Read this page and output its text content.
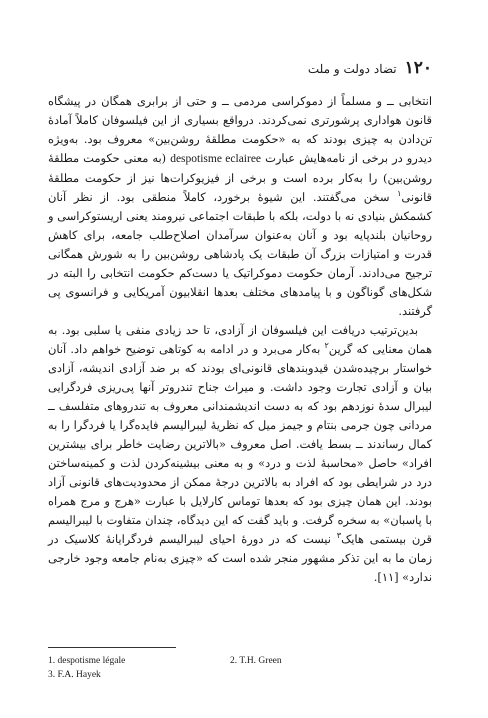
۱۲۰
تضاد دولت و ملت

انتخابی ــ و مسلماً از دموکراسی مردمی ــ و حتی از برابری همگان در پیشگاه قانون هواداری پرشورتری نمی‌کردند. درواقع بسیاری از این فیلسوفان کاملاً آمادهٔ تن‌دادن به چیزی بودند که به «حکومت مطلقهٔ روشن‌بین» معروف بود. به‌ویژه دیدرو در برخی از نامه‌هایش عبارت despotisme eclairee (به معنی حکومت مطلقهٔ روشن‌بین) را به‌کار برده است و برخی از فیزیوکرات‌ها نیز از حکومت مطلقهٔ قانونی$^۱$ سخن می‌گفتند. این شیوهٔ برخورد، کاملاً منطقی بود. از نظر آنان کشمکش بنیادی نه با دولت، بلکه با طبقات اجتماعی نیرومند یعنی اریستوکراسی و روحانیان بلندپایه بود و آنان به‌عنوان سرآمدان اصلاح‌طلب جامعه، برای کاهش قدرت و امتیازات بزرگ آن طبقات یک پادشاهی روشن‌بین را به شورش همگانی ترجیح می‌دادند. آرمان حکومت دموکراتیک یا دست‌کم حکومت انتخابی را البته در شکل‌های گوناگون و با پیامدهای مختلف بعدها انقلابیون آمریکایی و فرانسوی پی گرفتند.

بدین‌ترتیب دریافت این فیلسوفان از آزادی، تا حد زیادی منفی یا سلبی بود. به همان معنایی که گرین$^۲$ به‌کار می‌برد و در ادامه به کوتاهی توضیح خواهم داد. آنان خواستار برچیده‌شدن قیدوبندهای قانونی‌ای بودند که بر ضد آزادی اندیشه، آزادی بیان و آزادی تجارت وجود داشت. و میراث جناح تندروتر آنها پی‌ریزی فردگرایی لیبرال سدهٔ نوزدهم بود که به دست اندیشمندانی معروف به تندروهای متفلسف ــ مردانی چون جرمی بنتام و جیمز میل که نظریهٔ لیبرالیسم فایده‌گرا یا فردگرا را به کمال رساندند ــ بسط یافت. اصل معروف «بالاترین رضایت خاطر برای بیشترین افراد» حاصل «محاسبهٔ لذت و درد» و به معنی بیشینه‌کردن لذت و کمینه‌ساختن درد در شرایطی بود که افراد به بالاترین درجهٔ ممکن از محدودیت‌های قانونی آزاد بودند. این همان چیزی بود که بعدها توماس کارلایل با عبارت «هرج و مرج همراه با پاسبان» به سخره گرفت. و باید گفت که این دیدگاه، چندان متفاوت با لیبرالیسم قرن بیستمی هایک$^۳$ نیست که در دورهٔ احیای لیبرالیسم فردگرایانهٔ کلاسیک در زمان ما به این تذکر مشهور منجر شده است که «چیزی به‌نام جامعه وجود خارجی ندارد» [۱۱].

1. despotisme légale	2. T.H. Green
3. F.A. Hayek
